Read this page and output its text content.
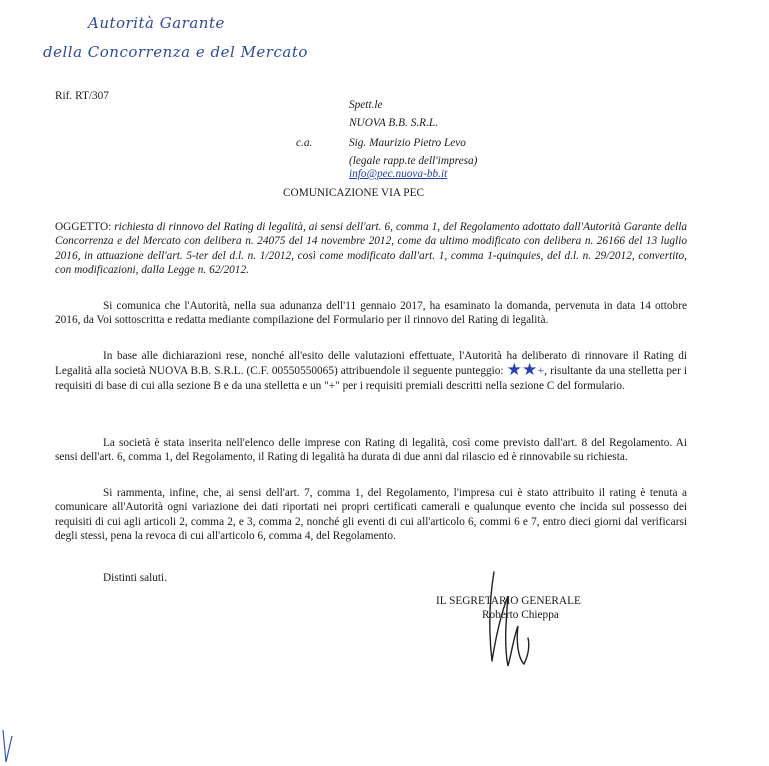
Autorità Garante
della Concorrenza e del Mercato
Rif. RT/307
Spett.le
NUOVA B.B. S.R.L.
c.a.	Sig. Maurizio Pietro Levo
(legale rapp.te dell'impresa)
info@pec.nuova-bb.it
COMUNICAZIONE VIA PEC
OGGETTO: richiesta di rinnovo del Rating di legalità, ai sensi dell'art. 6, comma 1, del Regolamento adottato dall'Autorità Garante della Concorrenza e del Mercato con delibera n. 24075 del 14 novembre 2012, come da ultimo modificato con delibera n. 26166 del 13 luglio 2016, in attuazione dell'art. 5-ter del d.l. n. 1/2012, così come modificato dall'art. 1, comma 1-quinquies, del d.l. n. 29/2012, convertito, con modificazioni, dalla Legge n. 62/2012.
Si comunica che l'Autorità, nella sua adunanza dell'11 gennaio 2017, ha esaminato la domanda, pervenuta in data 14 ottobre 2016, da Voi sottoscritta e redatta mediante compilazione del Formulario per il rinnovo del Rating di legalità.
In base alle dichiarazioni rese, nonché all'esito delle valutazioni effettuate, l'Autorità ha deliberato di rinnovare il Rating di Legalità alla società NUOVA B.B. S.R.L. (C.F. 00550550065) attribuendole il seguente punteggio: ★★+, risultante da una stelletta per i requisiti di base di cui alla sezione B e da una stelletta e un "+" per i requisiti premiali descritti nella sezione C del formulario.
La società è stata inserita nell'elenco delle imprese con Rating di legalità, così come previsto dall'art. 8 del Regolamento. Ai sensi dell'art. 6, comma 1, del Regolamento, il Rating di legalità ha durata di due anni dal rilascio ed è rinnovabile su richiesta.
Si rammenta, infine, che, ai sensi dell'art. 7, comma 1, del Regolamento, l'impresa cui è stato attribuito il rating è tenuta a comunicare all'Autorità ogni variazione dei dati riportati nei propri certificati camerali e qualunque evento che incida sul possesso dei requisiti di cui agli articoli 2, comma 2, e 3, comma 2, nonché gli eventi di cui all'articolo 6, commi 6 e 7, entro dieci giorni dal verificarsi degli stessi, pena la revoca di cui all'articolo 6, comma 4, del Regolamento.
Distinti saluti.
IL SEGRETARIO GENERALE
Roberto Chieppa
